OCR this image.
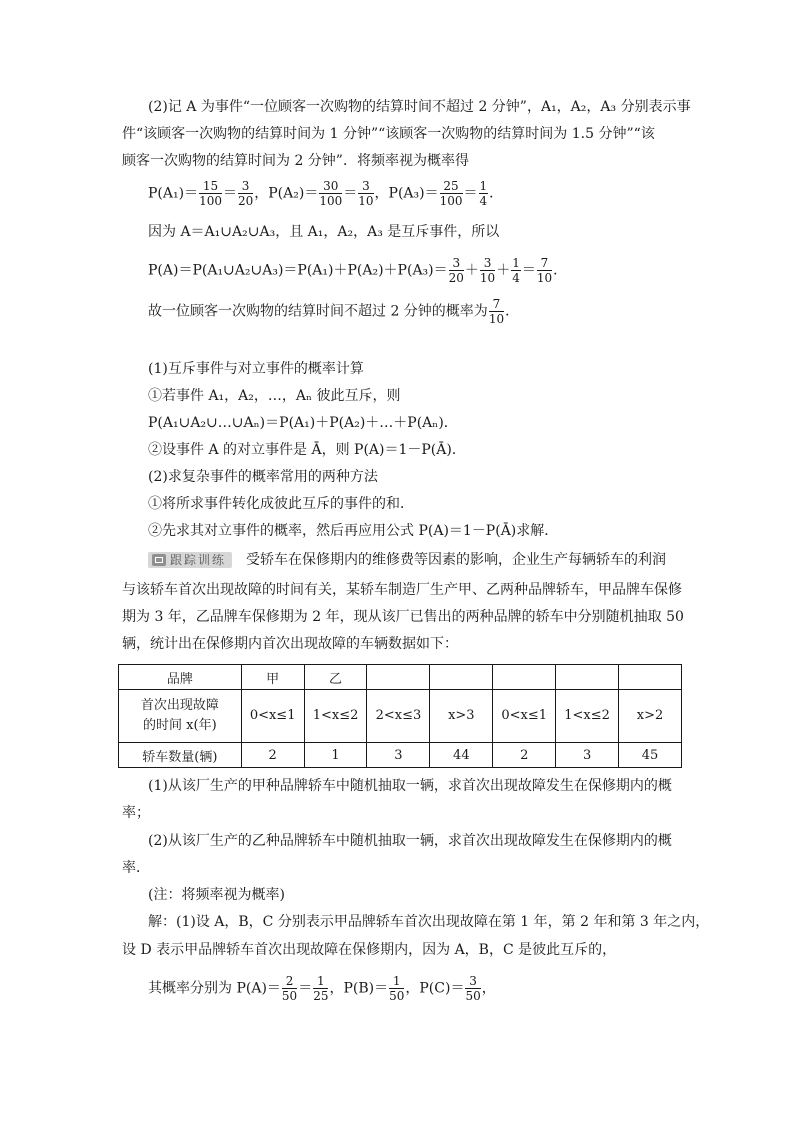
(2)记 A 为事件“一位顾客一次购物的结算时间不超过 2 分钟”，A₁，A₂，A₃ 分别表示事
件“该顾客一次购物的结算时间为 1 分钟”“该顾客一次购物的结算时间为 1.5 分钟”“该
顾客一次购物的结算时间为 2 分钟”．将频率视为概率得
$P(A_1)= \frac{15}{100} = \frac{3}{20}$ ，$P(A_2)= \frac{30}{100} = \frac{3}{10}$ ，$P(A_3)= \frac{25}{100} = \frac{1}{4}$ ．
因为 A＝A₁∪A₂∪A₃，且 A₁，A₂，A₃ 是互斥事件，所以
P(A)＝P(A₁∪A₂∪A₃)＝P(A₁)＋P(A₂)＋P(A₃)＝ $\frac{3}{20} + \frac{3}{10} + \frac{1}{4} = \frac{7}{10}$ ．
故一位顾客一次购物的结算时间不超过 2 分钟的概率为 $\frac{7}{10}$ ．
(1)互斥事件与对立事件的概率计算
①若事件 A₁，A₂，…，Aₙ 彼此互斥，则
P(A₁∪A₂∪…∪Aₙ)＝P(A₁)＋P(A₂)＋…＋P(Aₙ)．
②设事件 A 的对立事件是 Ā，则 P(A)＝1－P(Ā)．
(2)求复杂事件的概率常用的两种方法
①将所求事件转化成彼此互斥的事件的和．
②先求其对立事件的概率，然后再应用公式 P(A)＝1－P(Ā)求解．
跟踪训练 受轿车在保修期内的维修费等因素的影响，企业生产每辆轿车的利润
与该轿车首次出现故障的时间有关，某轿车制造厂生产甲、乙两种品牌轿车，甲品牌车保修
期为 3 年，乙品牌车保修期为 2 年，现从该厂已售出的两种品牌的轿车中分别随机抽取 50
辆，统计出在保修期内首次出现故障的车辆数据如下：
品牌	甲	乙					

首次出现故障
的时间 x(年)	0<x≤1	1<x≤2	2<x≤3	x>3	0<x≤1	1<x≤2	x>2
轿车数量(辆)	2	1	3	44	2	3	45
(1)从该厂生产的甲种品牌轿车中随机抽取一辆，求首次出现故障发生在保修期内的概
率；
(2)从该厂生产的乙种品牌轿车中随机抽取一辆，求首次出现故障发生在保修期内的概
率．
(注：将频率视为概率)
解：(1)设 A，B，C 分别表示甲品牌轿车首次出现故障在第 1 年，第 2 年和第 3 年之内，
设 D 表示甲品牌轿车首次出现故障在保修期内，因为 A，B，C 是彼此互斥的，
其概率分别为 $P(A)= \frac{2}{50} = \frac{1}{25}$ ，$P(B)= \frac{1}{50}$ ，$P(C)= \frac{3}{50}$ ，
